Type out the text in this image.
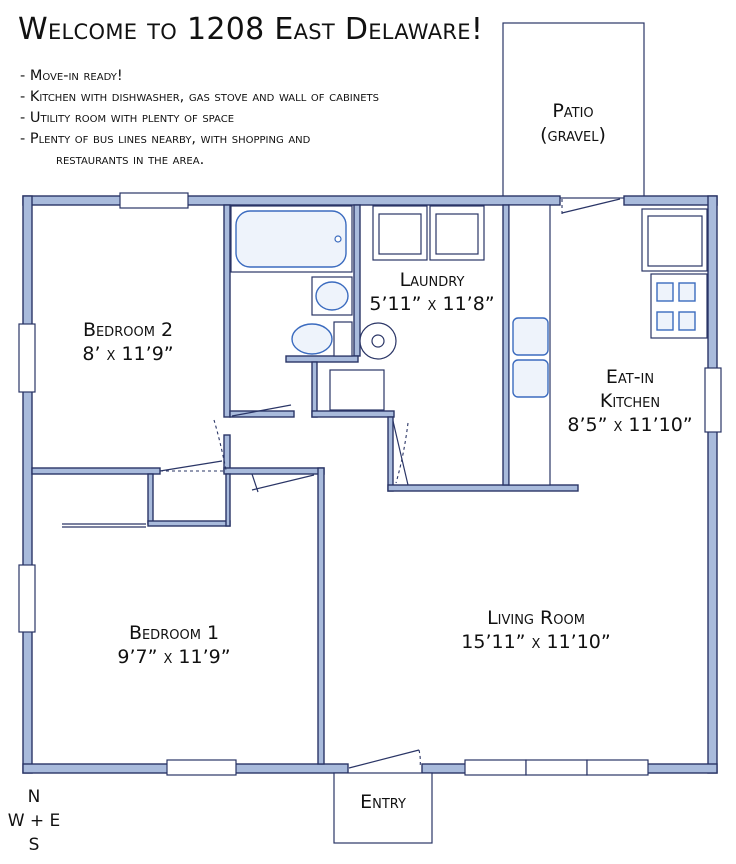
Welcome to 1208 East Delaware!
- Move-in ready!
- Kitchen with dishwasher, gas stove and wall of cabinets
- Utility room with plenty of space
- Plenty of bus lines nearby, with shopping and
restaurants in the area.
Patio
(gravel)
Bedroom 2
8’ x 11’9”
Laundry
5’11” x 11’8”
Eat-in
Kitchen
8’5” x 11’10”
Bedroom 1
9’7” x 11’9”
Living Room
15’11” x 11’10”
Entry
N
W + E
S
